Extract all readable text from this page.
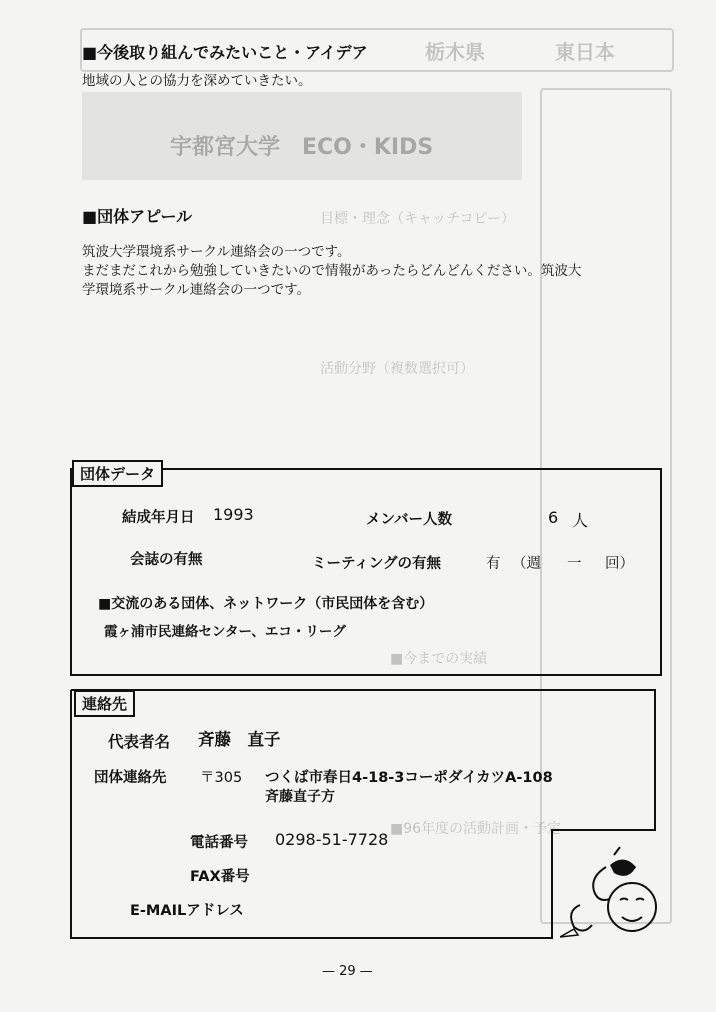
栃木県	東日本
宇都宮大学　ECO・KIDS
目標・理念（キャッチコピー）
活動分野（複数選択可）
■今までの実績
■96年度の活動計画・予定
■今後取り組んでみたいこと・アイデア
地域の人との協力を深めていきたい。
■団体アピール
筑波大学環境系サークル連絡会の一つです。
まだまだこれから勉強していきたいので情報があったらどんどんください。筑波大
学環境系サークル連絡会の一つです。
団体データ
結成年月日 1993	メンバー人数	6 人
会誌の有無	ミーティングの有無	有 （週 一 回）
■交流のある団体、ネットワーク（市民団体を含む）
霞ヶ浦市民連絡センター、エコ・リーグ
連絡先
代表者名 斉藤　直子
団体連絡先 〒305 つくば市春日4-18-3コーポダイカツA-108
斉藤直子方
電話番号 0298-51-7728
FAX番号
E-MAILアドレス
— 29 —
